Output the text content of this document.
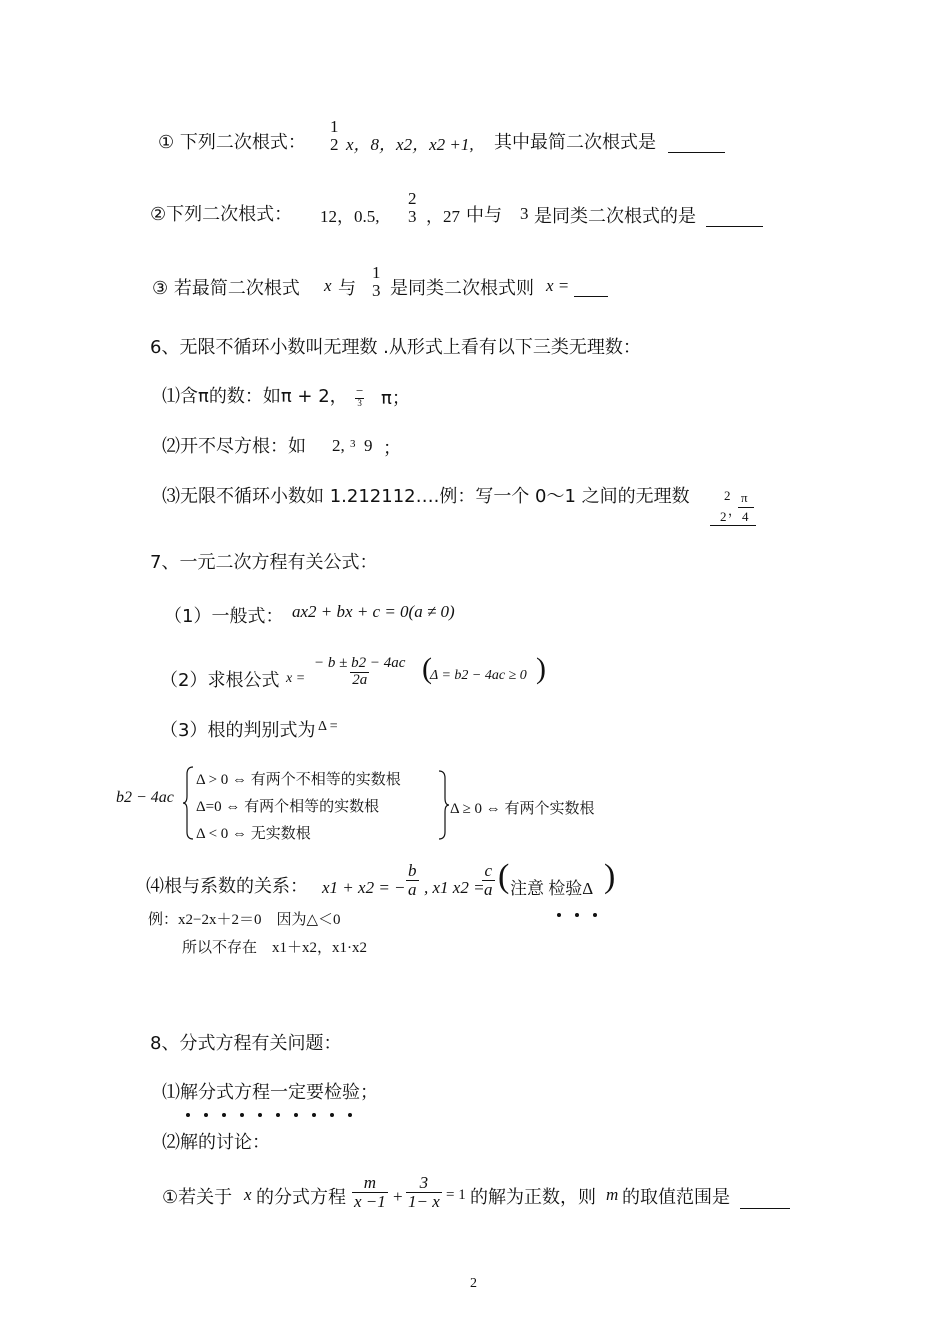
① 下列二次根式：
1
2 x，8，x2，x2 +1, 其中最简二次根式是
②下列二次根式： 12，0.5,
2
3 ，27 中与 3 是同类二次根式的是
③ 若最简二次根式 x 与
1
3 是同类二次根式则 x =
6、无限不循环小数叫无理数 .从形式上看有以下三类无理数：
⑴含π的数：如π + 2， −
3 π；
⑵开不尽方根：如 2, 3 9 ；
⑶无限不循环小数如 1.212112….例：写一个 0～1 之间的无理数	2
2 ，
π
4
7、一元二次方程有关公式：
（1）一般式： ax2 + bx + c = 0(a ≠ 0)
（2）求根公式 $x = \frac{- b \pm b2 - 4ac}{2a}$ (
Δ = b2 − 4ac ≥ 0 )
（3）根的判别式为 Δ =
b2 − 4ac
Δ > 0 ⇔ 有两个不相等的实数根
Δ=0 ⇔ 有两个相等的实数根
Δ < 0 ⇔ 无实数根
Δ ≥ 0 ⇔ 有两个实数根
⑷根与系数的关系： x1 + x2 = − $\frac{b}{a}$ , x1 x2 =
$\frac{c}{a}$ ( 注意 检验Δ )
例：x2−2x＋2＝0　因为△＜0
所以不存在　x1＋x2，x1·x2
8、分式方程有关问题：
⑴解分式方程一定要检验；
⑵解的讨论：
①若关于 x 的分式方程 $\frac{m}{x -1} + \frac{3}{1- x} = 1$ 的解为正数，则 m 的取值范围是
2
